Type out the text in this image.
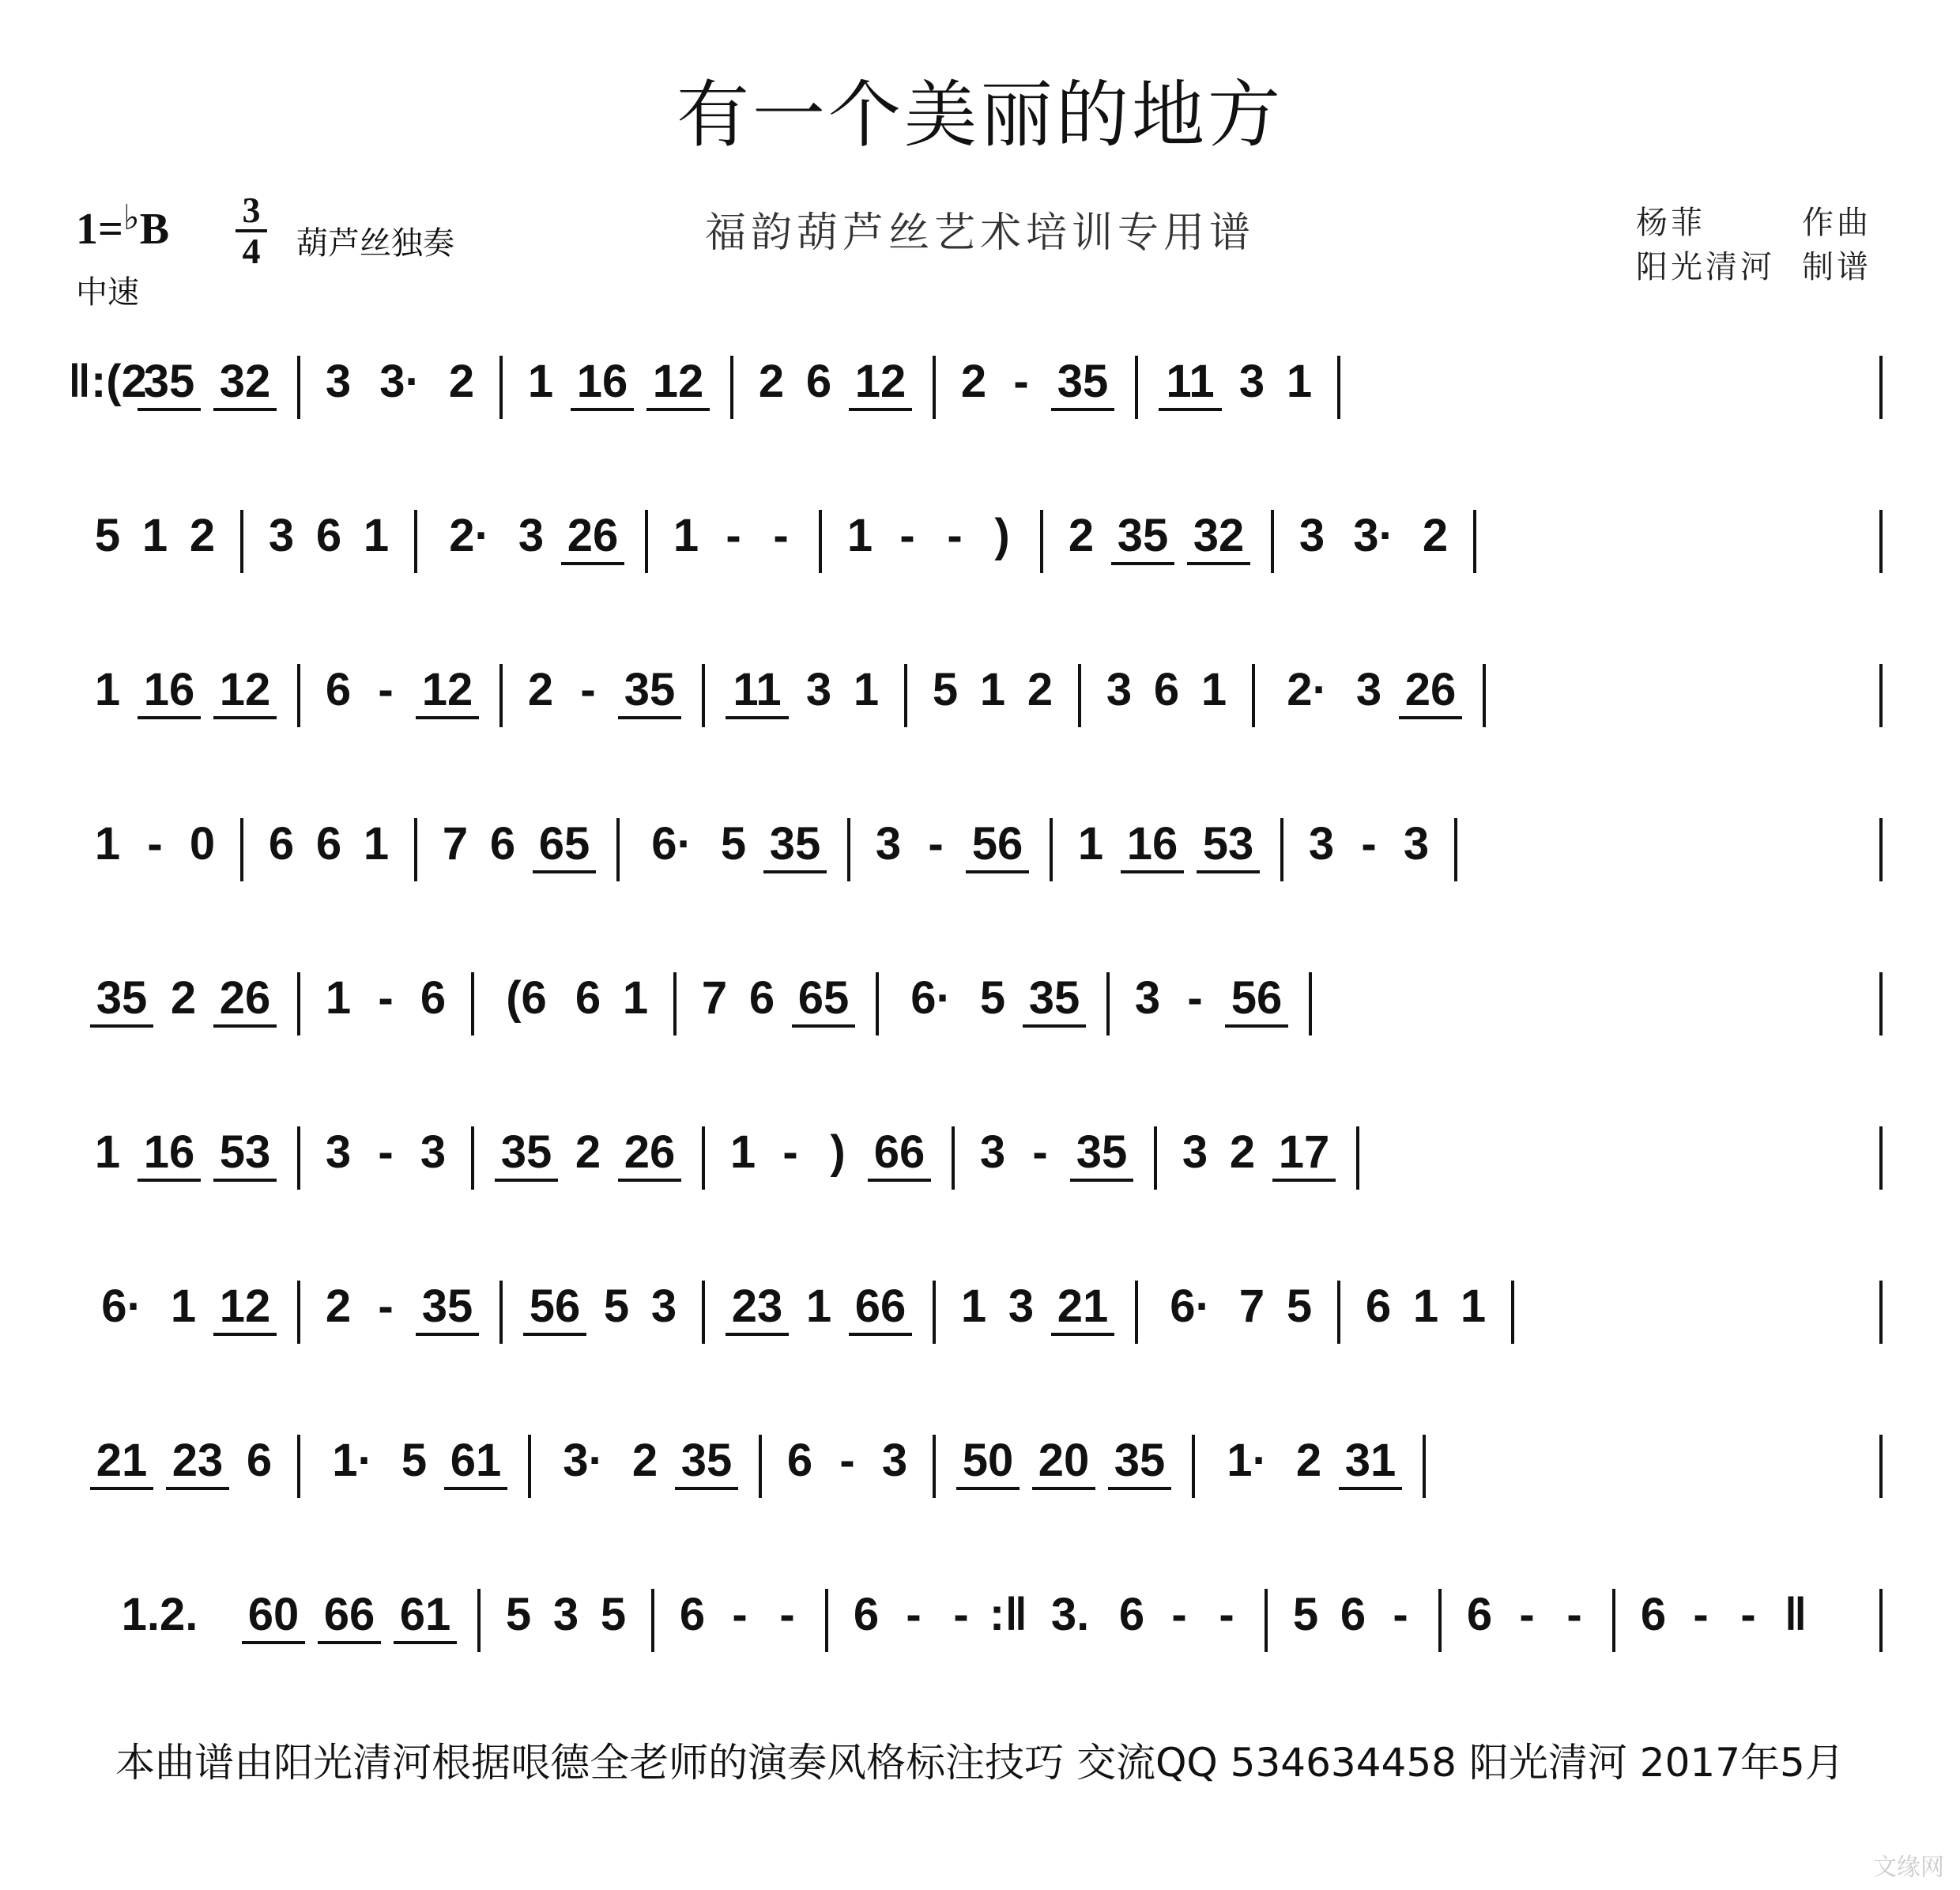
有一个美丽的地方
1=♭B 3
4 葫芦丝独奏
中速
福韵葫芦丝艺术培训专用谱	杨菲	作曲
阳光清河 制谱
‖:(2
35 32 3 3· 2 1 16 12 2 6 12 2 - 35 11 3 1
5 1 2 3 6 1 2· 3 26 1 - - 1 - - ) 2 35 32 3 3· 2
1 16 12 6 - 12 2 - 35 11 3 1 5 1 2 3 6 1 2· 3 26
1 - 0 6 6 1 7 6 65 6· 5 35 3 - 56 1 16 53 3 - 3
35 2 26 1 - 6 (6 6 1 7 6 65 6· 5 35 3 - 56
1 16 53 3 - 3 35 2 26 1 - ) 66 3 - 35 3 2 17
6· 1 12 2 - 35 56 5 3 23 1 66 1 3 21 6· 7 5 6 1 1
21 23 6 1· 5 61 3· 2 35 6 - 3 50 20 35 1· 2 31
1.2. 60 66 61 5 3 5 6 - - 6 - - :‖ 3. 6 - - 5 6 - 6 - - 6 - - ‖
本曲谱由阳光清河根据哏德全老师的演奏风格标注技巧 交流QQ 534634458 阳光清河 2017年5月
文缘网
